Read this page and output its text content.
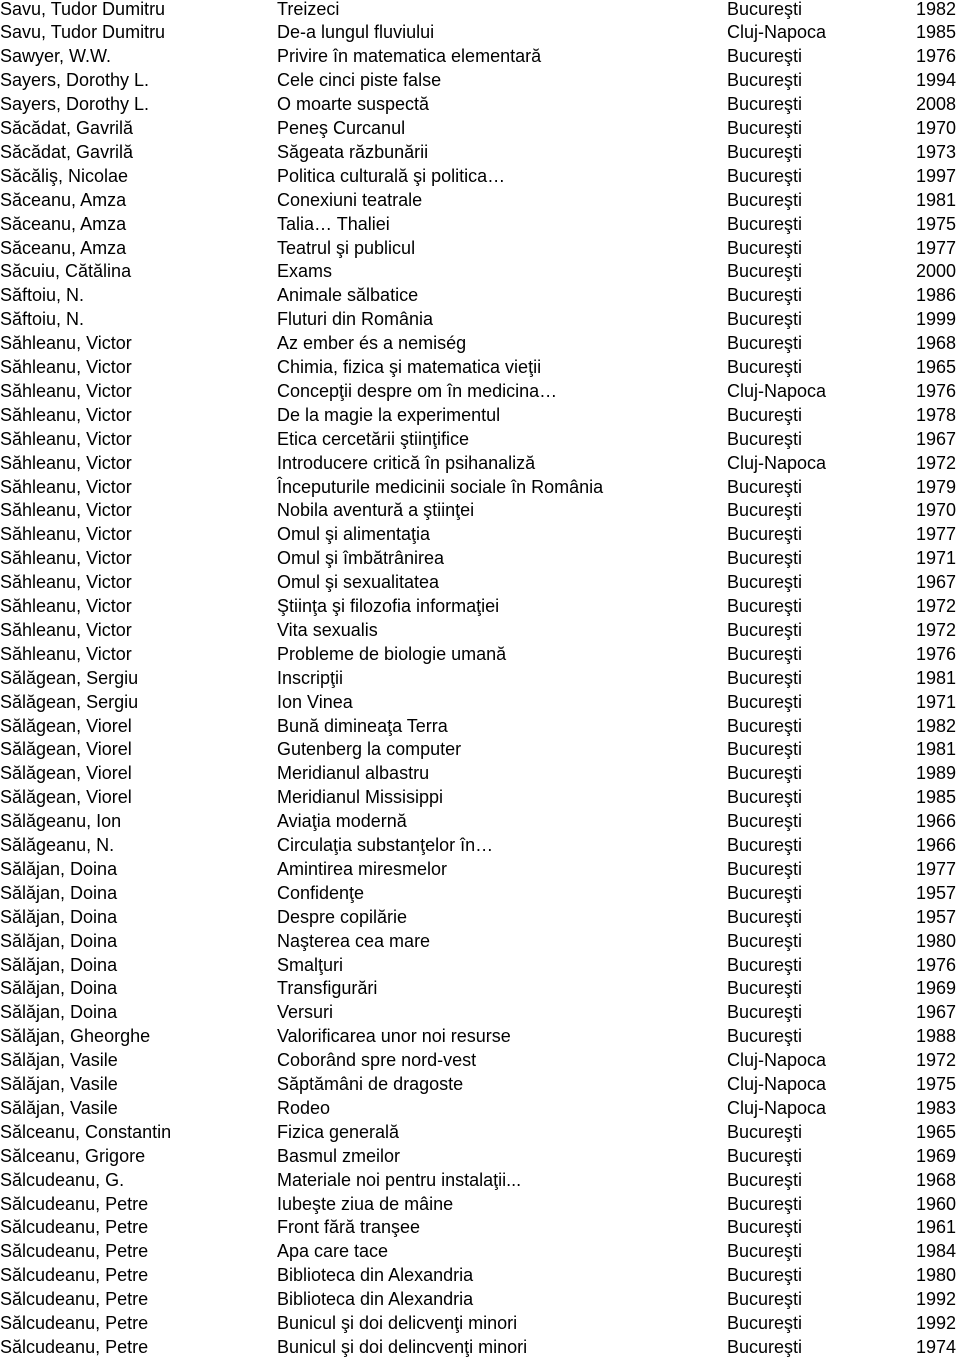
Savu, Tudor Dumitru	Treizeci	Bucureşti	1982
Savu, Tudor Dumitru	De-a lungul fluviului	Cluj-Napoca	1985
Sawyer, W.W.	Privire în matematica elementară	Bucureşti	1976
Sayers, Dorothy L.	Cele cinci piste false	Bucureşti	1994
Sayers, Dorothy L.	O moarte suspectă	Bucureşti	2008
Săcădat, Gavrilă	Peneş Curcanul	Bucureşti	1970
Săcădat, Gavrilă	Săgeata răzbunării	Bucureşti	1973
Săcăliş, Nicolae	Politica culturală şi politica…	Bucureşti	1997
Săceanu, Amza	Conexiuni teatrale	Bucureşti	1981
Săceanu, Amza	Talia… Thaliei	Bucureşti	1975
Săceanu, Amza	Teatrul şi publicul	Bucureşti	1977
Săcuiu, Cătălina	Exams	Bucureşti	2000
Săftoiu, N.	Animale sălbatice	Bucureşti	1986
Săftoiu, N.	Fluturi din România	Bucureşti	1999
Săhleanu, Victor	Az ember és a nemiség	Bucureşti	1968
Săhleanu, Victor	Chimia, fizica şi matematica vieţii	Bucureşti	1965
Săhleanu, Victor	Concepţii despre om în medicina…	Cluj-Napoca	1976
Săhleanu, Victor	De la magie la experimentul	Bucureşti	1978
Săhleanu, Victor	Etica cercetării ştiinţifice	Bucureşti	1967
Săhleanu, Victor	Introducere critică în psihanaliză	Cluj-Napoca	1972
Săhleanu, Victor	Începuturile medicinii sociale în România	Bucureşti	1979
Săhleanu, Victor	Nobila aventură a ştiinţei	Bucureşti	1970
Săhleanu, Victor	Omul şi alimentaţia	Bucureşti	1977
Săhleanu, Victor	Omul şi îmbătrânirea	Bucureşti	1971
Săhleanu, Victor	Omul şi sexualitatea	Bucureşti	1967
Săhleanu, Victor	Ştiinţa şi filozofia informaţiei	Bucureşti	1972
Săhleanu, Victor	Vita sexualis	Bucureşti	1972
Săhleanu, Victor	Probleme de biologie umană	Bucureşti	1976
Sălăgean, Sergiu	Inscripţii	Bucureşti	1981
Sălăgean, Sergiu	Ion Vinea	Bucureşti	1971
Sălăgean, Viorel	Bună dimineaţa Terra	Bucureşti	1982
Sălăgean, Viorel	Gutenberg la computer	Bucureşti	1981
Sălăgean, Viorel	Meridianul albastru	Bucureşti	1989
Sălăgean, Viorel	Meridianul Missisippi	Bucureşti	1985
Sălăgeanu, Ion	Aviaţia modernă	Bucureşti	1966
Sălăgeanu, N.	Circulaţia substanţelor în…	Bucureşti	1966
Sălăjan, Doina	Amintirea miresmelor	Bucureşti	1977
Sălăjan, Doina	Confidenţe	Bucureşti	1957
Sălăjan, Doina	Despre copilărie	Bucureşti	1957
Sălăjan, Doina	Naşterea cea mare	Bucureşti	1980
Sălăjan, Doina	Smalţuri	Bucureşti	1976
Sălăjan, Doina	Transfigurări	Bucureşti	1969
Sălăjan, Doina	Versuri	Bucureşti	1967
Sălăjan, Gheorghe	Valorificarea unor noi resurse	Bucureşti	1988
Sălăjan, Vasile	Coborând spre nord-vest	Cluj-Napoca	1972
Sălăjan, Vasile	Săptămâni de dragoste	Cluj-Napoca	1975
Sălăjan, Vasile	Rodeo	Cluj-Napoca	1983
Sălceanu, Constantin	Fizica generală	Bucureşti	1965
Sălceanu, Grigore	Basmul zmeilor	Bucureşti	1969
Sălcudeanu, G.	Materiale noi pentru instalaţii...	Bucureşti	1968
Sălcudeanu, Petre	Iubeşte ziua de mâine	Bucureşti	1960
Sălcudeanu, Petre	Front fără tranşee	Bucureşti	1961
Sălcudeanu, Petre	Apa care tace	Bucureşti	1984
Sălcudeanu, Petre	Biblioteca din Alexandria	Bucureşti	1980
Sălcudeanu, Petre	Biblioteca din Alexandria	Bucureşti	1992
Sălcudeanu, Petre	Bunicul şi doi delicvenţi minori	Bucureşti	1992
Sălcudeanu, Petre	Bunicul şi doi delincvenţi minori	Bucureşti	1974
